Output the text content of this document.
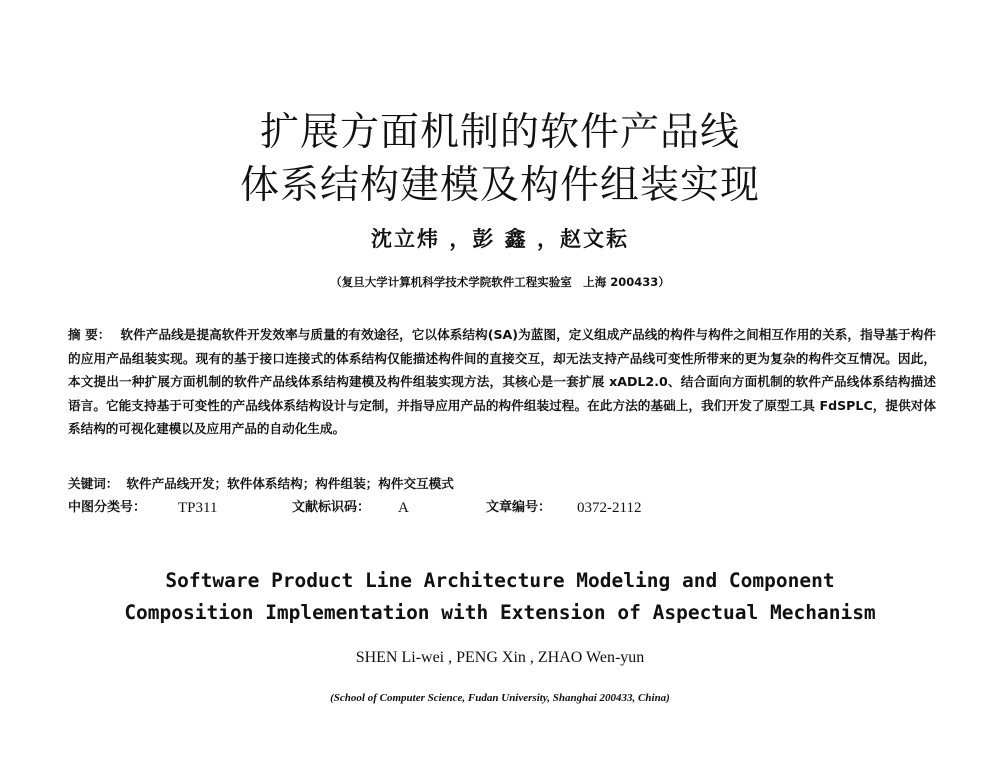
扩展方面机制的软件产品线
体系结构建模及构件组装实现
沈立炜 ，彭 鑫 ，赵文耘
（复旦大学计算机科学技术学院软件工程实验室　上海 200433）
摘 要： 软件产品线是提高软件开发效率与质量的有效途径，它以体系结构(SA)为蓝图，定义组成产品线的构件与构件之间相互作用的关系，指导基于构件的应用产品组装实现。现有的基于接口连接式的体系结构仅能描述构件间的直接交互，却无法支持产品线可变性所带来的更为复杂的构件交互情况。因此，本文提出一种扩展方面机制的软件产品线体系结构建模及构件组装实现方法，其核心是一套扩展 xADL2.0、结合面向方面机制的软件产品线体系结构描述语言。它能支持基于可变性的产品线体系结构设计与定制，并指导应用产品的构件组装过程。在此方法的基础上，我们开发了原型工具 FdSPLC，提供对体系结构的可视化建模以及应用产品的自动化生成。
关键词： 软件产品线开发；软件体系结构；构件组装；构件交互模式
中图分类号： TP311	文献标识码： A	文章编号： 0372-2112
Software Product Line Architecture Modeling and Component
Composition Implementation with Extension of Aspectual Mechanism
SHEN Li-wei , PENG Xin , ZHAO Wen-yun
(School of Computer Science, Fudan University, Shanghai 200433, China)
